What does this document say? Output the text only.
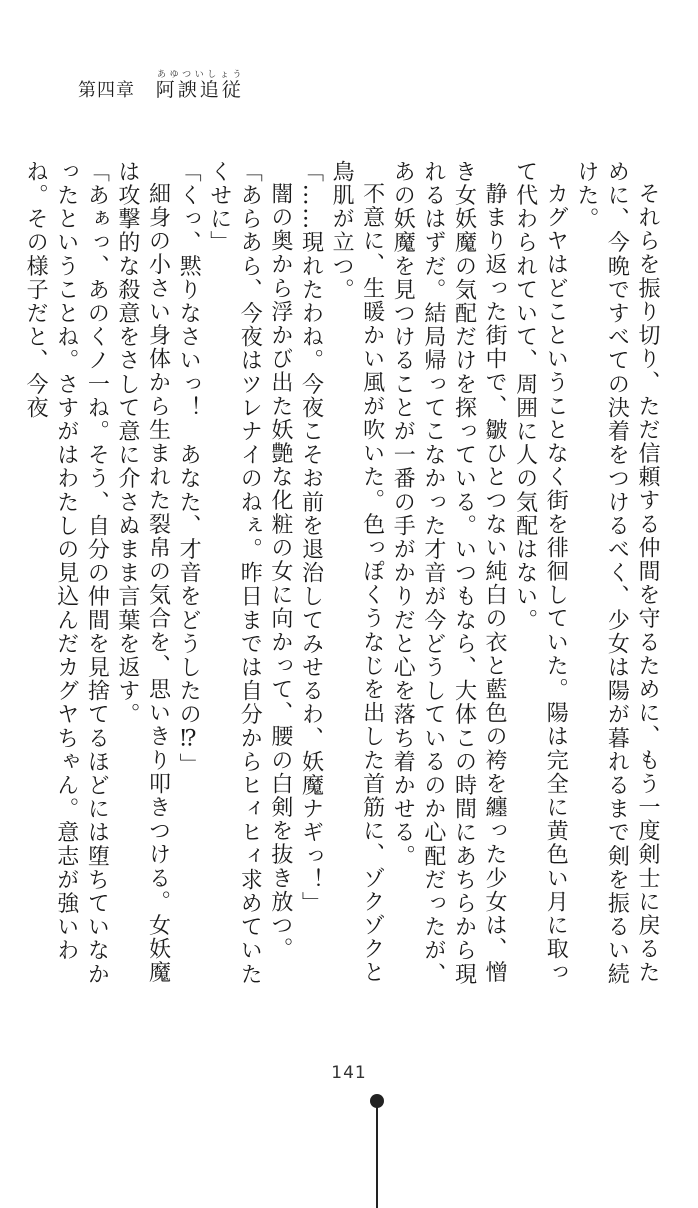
第四章 阿諛追従あゆついしょう

それらを振り切り、ただ信頼する仲間を守るために、もう一度剣士に戻るために、今晩ですべての決着をつけるべく、少女は陽が暮れるまで剣を振るい続けた。

カグヤはどこということなく街を徘徊していた。陽は完全に黄色い月に取って代わられていて、周囲に人の気配はない。

静まり返った街中で、皺ひとつない純白の衣と藍色の袴を纏った少女は、憎き女妖魔の気配だけを探っている。いつもなら、大体この時間にあちらから現れるはずだ。結局帰ってこなかった才音が今どうしているのか心配だったが、あの妖魔を見つけることが一番の手がかりだと心を落ち着かせる。

不意に、生暖かい風が吹いた。色っぽくうなじを出した首筋に、ゾクゾクと鳥肌が立つ。

「……現れたわね。今夜こそお前を退治してみせるわ、妖魔ナギっ！」

闇の奥から浮かび出た妖艶な化粧の女に向かって、腰の白剣を抜き放つ。

「あらあら、今夜はツレナイのねぇ。昨日までは自分からヒィヒィ求めていたくせに」

「くっ、黙りなさいっ！　あなた、才音をどうしたの⁉」

細身の小さい身体から生まれた裂帛の気合を、思いきり叩きつける。女妖魔は攻撃的な殺意をさして意に介さぬまま言葉を返す。

「あぁっ、あのくノ一ね。そう、自分の仲間を見捨てるほどには堕ちていなかったということね。さすがはわたしの見込んだカグヤちゃん。意志が強いわね。その様子だと、今夜

141
